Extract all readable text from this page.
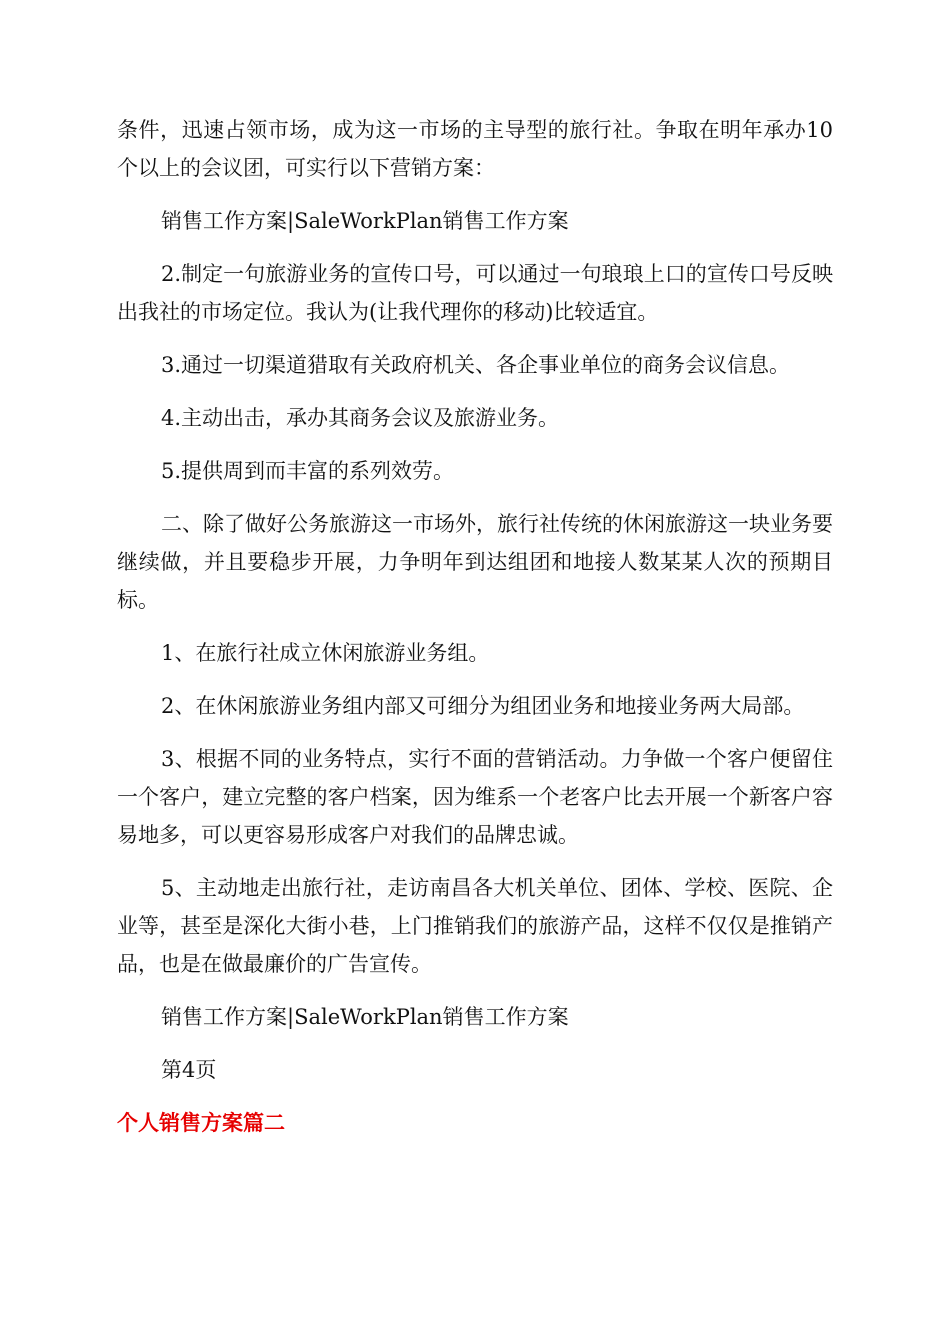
条件，迅速占领市场，成为这一市场的主导型的旅行社。争取在明年承办10个以上的会议团，可实行以下营销方案：

销售工作方案|SaleWorkPlan销售工作方案

2.制定一句旅游业务的宣传口号，可以通过一句琅琅上口的宣传口号反映出我社的市场定位。我认为(让我代理你的移动)比较适宜。

3.通过一切渠道猎取有关政府机关、各企事业单位的商务会议信息。

4.主动出击，承办其商务会议及旅游业务。

5.提供周到而丰富的系列效劳。

二、除了做好公务旅游这一市场外，旅行社传统的休闲旅游这一块业务要继续做，并且要稳步开展，力争明年到达组团和地接人数某某人次的预期目标。

1、在旅行社成立休闲旅游业务组。

2、在休闲旅游业务组内部又可细分为组团业务和地接业务两大局部。

3、根据不同的业务特点，实行不面的营销活动。力争做一个客户便留住一个客户，建立完整的客户档案，因为维系一个老客户比去开展一个新客户容易地多，可以更容易形成客户对我们的品牌忠诚。

5、主动地走出旅行社，走访南昌各大机关单位、团体、学校、医院、企业等，甚至是深化大街小巷，上门推销我们的旅游产品，这样不仅仅是推销产品，也是在做最廉价的广告宣传。

销售工作方案|SaleWorkPlan销售工作方案

第4页

个人销售方案篇二
